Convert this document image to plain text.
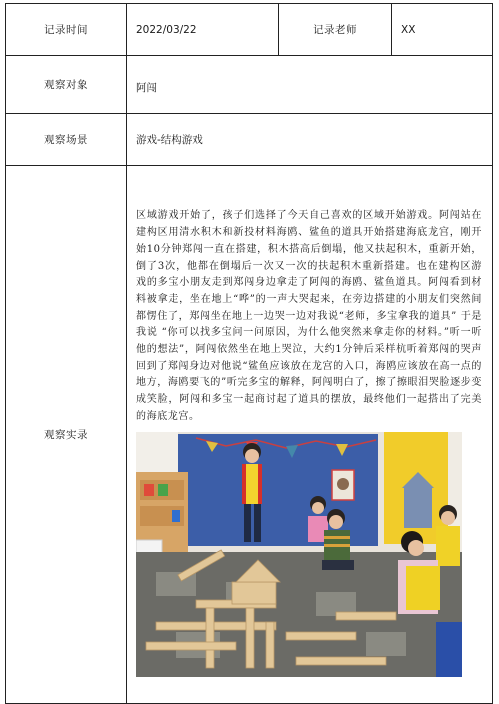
记录时间	2022/03/22	记录老师	XX
观察对象	阿闯		
观察场景	游戏-结构游戏		
观察实录	区域游戏开始了，孩子们选择了今天自己喜欢的区域开始游戏。阿闯站在建构区用清水积木和新投材料海鸥、鲨鱼的道具开始搭建海底龙宫，刚开始10分钟郑闯一直在搭建，积木搭高后倒塌，他又扶起积木，重新开始，倒了3次，他都在倒塌后一次又一次的扶起积木重新搭建。也在建构区游戏的多宝小朋友走到郑闯身边拿走了阿闯的海鸥、鲨鱼道具。阿闯看到材料被拿走，坐在地上“哗”的一声大哭起来，在旁边搭建的小朋友们突然间都愣住了，郑闯坐在地上一边哭一边对我说“老师，多宝拿我的道具” 于是我说 “你可以找多宝问一问原因，为什么他突然来拿走你的材料。”听一听他的想法”，阿闯依然坐在地上哭泣，大约1分钟后采样杭听着郑闯的哭声回到了郑闯身边对他说“鲨鱼应该放在龙宫的入口，海鸥应该放在高一点的地方，海鸥要飞的”听完多宝的解释，阿闯明白了，擦了擦眼泪哭脸逐步变成笑脸，阿闯和多宝一起商讨起了道具的摆放，最终他们一起搭出了完美的海底龙宫。		
